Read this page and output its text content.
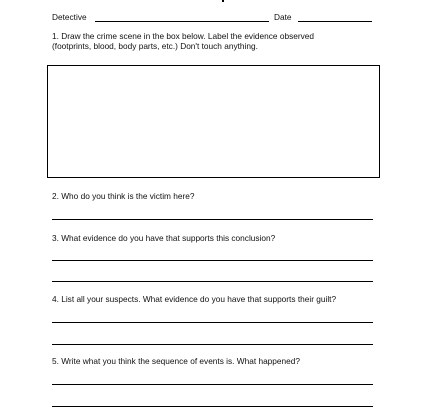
Detective	Date
1. Draw the crime scene in the box below. Label the evidence observed
(footprints, blood, body parts, etc.) Don't touch anything.
2. Who do you think is the victim here?
3. What evidence do you have that supports this conclusion?
4. List all your suspects. What evidence do you have that supports their guilt?
5. Write what you think the sequence of events is. What happened?
